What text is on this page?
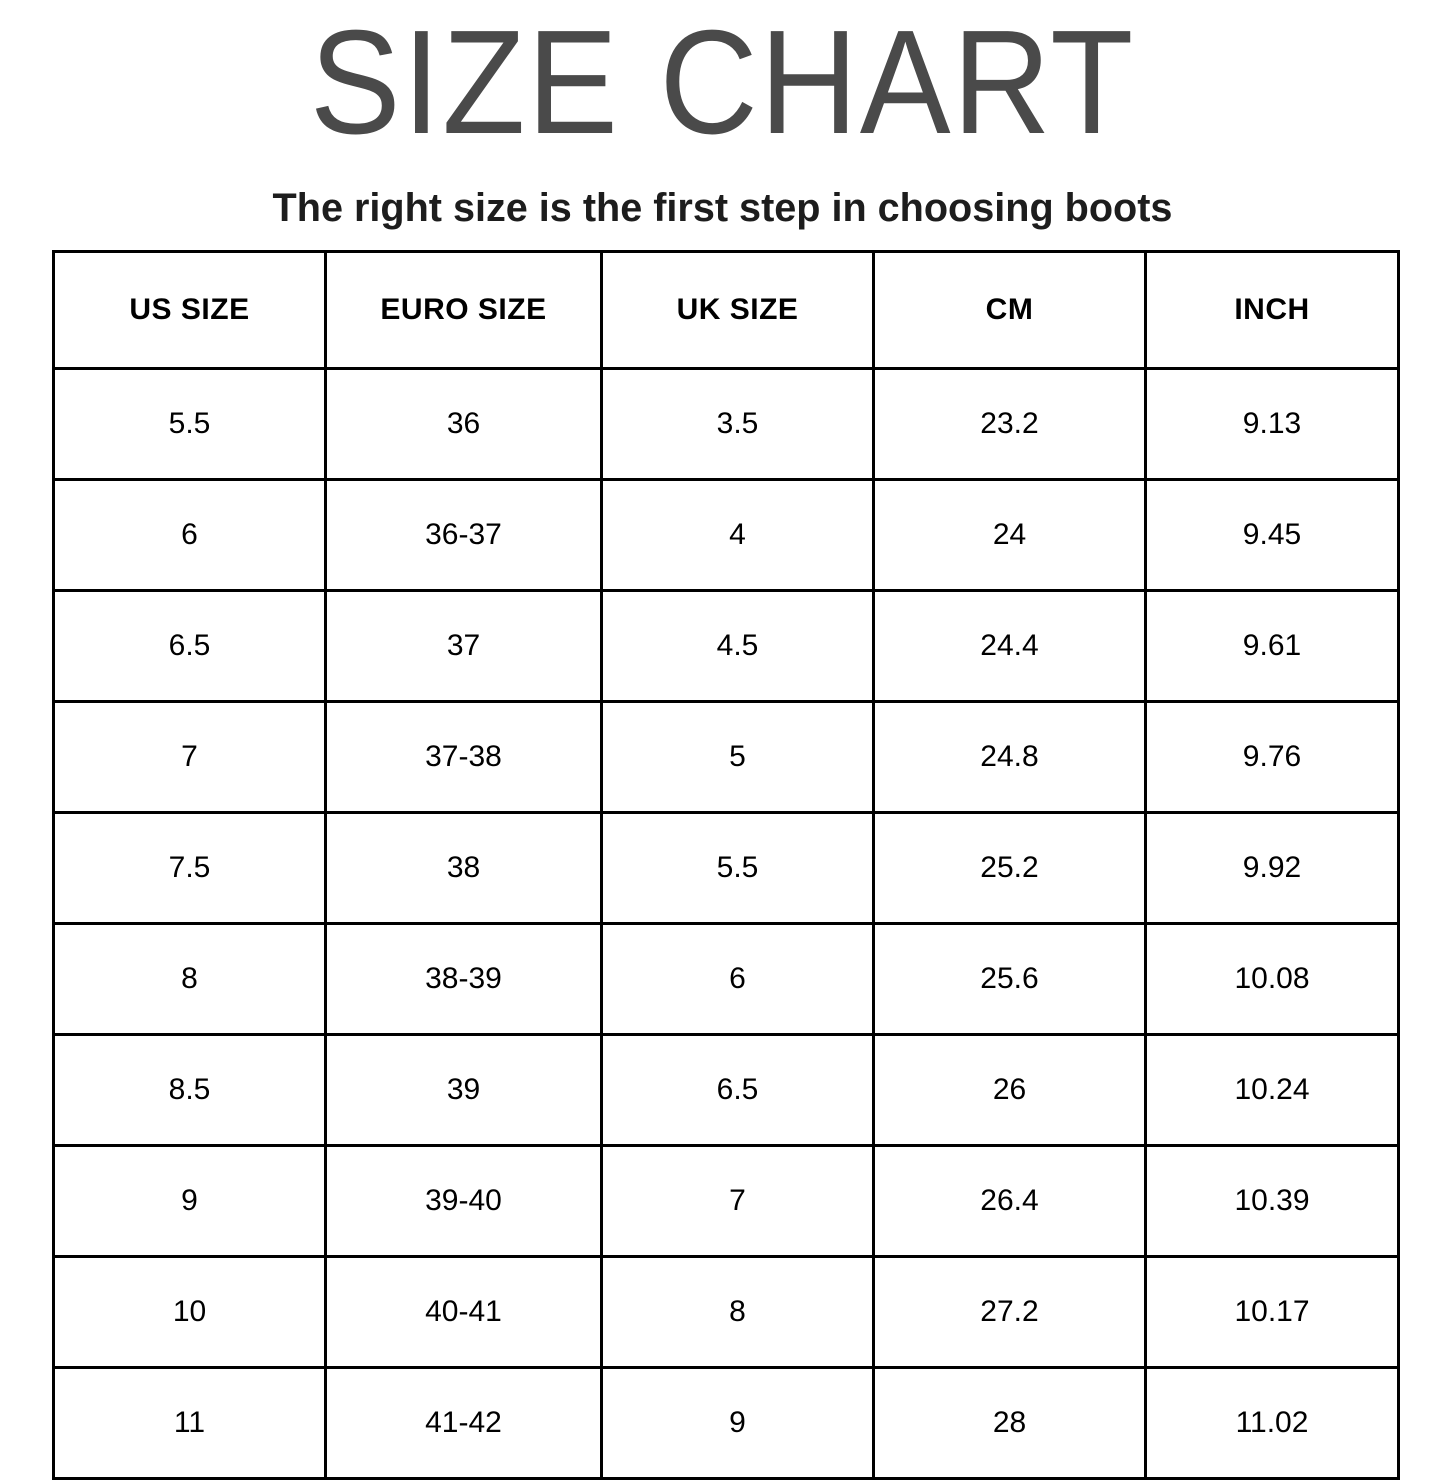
SIZE CHART
The right size is the first step in choosing boots
US SIZE	EURO SIZE	UK SIZE	CM	INCH
5.5	36	3.5	23.2	9.13
6	36-37	4	24	9.45
6.5	37	4.5	24.4	9.61
7	37-38	5	24.8	9.76
7.5	38	5.5	25.2	9.92
8	38-39	6	25.6	10.08
8.5	39	6.5	26	10.24
9	39-40	7	26.4	10.39
10	40-41	8	27.2	10.17
11	41-42	9	28	11.02
